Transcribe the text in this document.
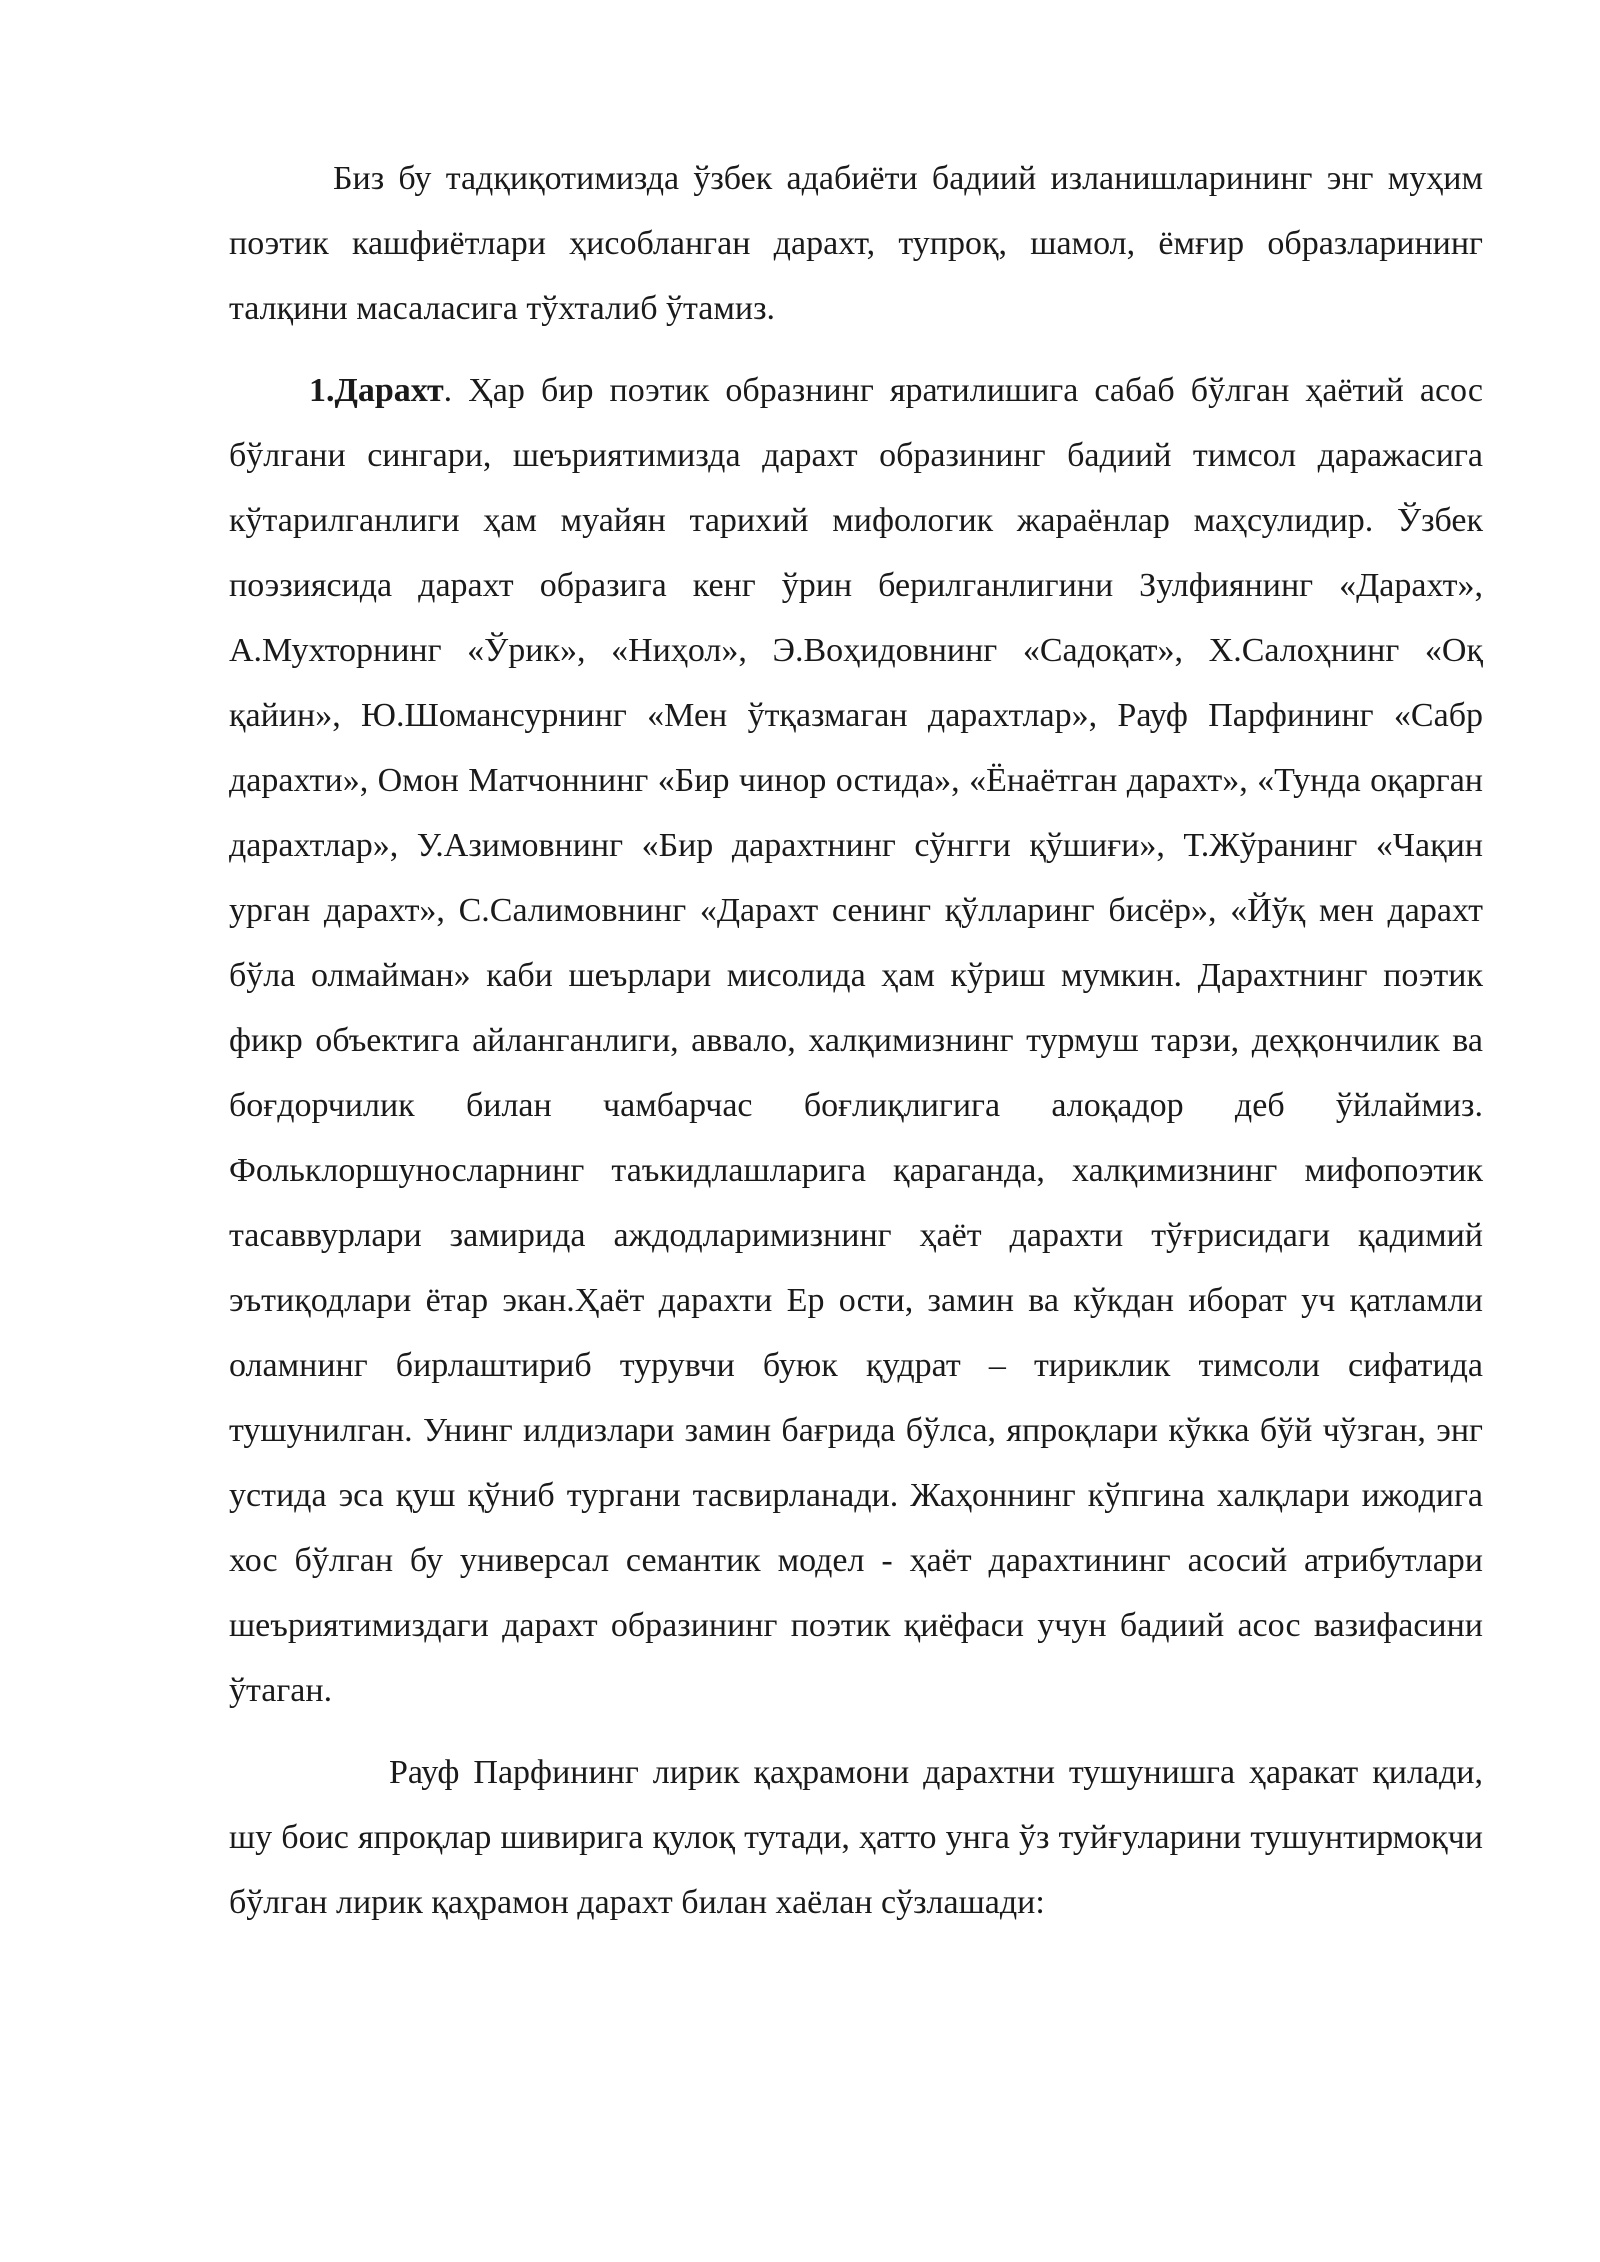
Биз бу тадқиқотимизда ўзбек адабиёти бадиий изланишларининг энг муҳим поэтик кашфиётлари ҳисобланган дарахт, тупроқ, шамол, ёмғир образларининг талқини масаласига тўхталиб ўтамиз.

1.Дарахт. Ҳар бир поэтик образнинг яратилишига сабаб бўлган ҳаётий асос бўлгани сингари, шеъриятимизда дарахт образининг бадиий тимсол даражасига кўтарилганлиги ҳам муайян тарихий мифологик жараёнлар маҳсулидир. Ўзбек поэзиясида дарахт образига кенг ўрин берилганлигини Зулфиянинг «Дарахт», А.Мухторнинг «Ўрик», «Ниҳол», Э.Воҳидовнинг «Садоқат», Х.Салоҳнинг «Оқ қайин», Ю.Шомансурнинг «Мен ўтқазмаган дарахтлар», Рауф Парфининг «Сабр дарахти», Омон Матчоннинг «Бир чинор остида», «Ёнаётган дарахт», «Тунда оқарган дарахтлар», У.Азимовнинг «Бир дарахтнинг сўнгги қўшиғи», Т.Жўранинг «Чақин урган дарахт», С.Салимовнинг «Дарахт сенинг қўлларинг бисёр», «Йўқ мен дарахт бўла олмайман» каби шеърлари мисолида ҳам кўриш мумкин. Дарахтнинг поэтик фикр объектига айланганлиги, аввало, халқимизнинг турмуш тарзи, деҳқончилик ва боғдорчилик билан чамбарчас боғлиқлигига алоқадор деб ўйлаймиз. Фольклоршуносларнинг таъкидлашларига қараганда, халқимизнинг мифопоэтик тасаввурлари замирида аждодларимизнинг ҳаёт дарахти тўғрисидаги қадимий эътиқодлари ётар экан.Ҳаёт дарахти Ер ости, замин ва кўкдан иборат уч қатламли оламнинг бирлаштириб турувчи буюк қудрат – тириклик тимсоли сифатида тушунилган. Унинг илдизлари замин бағрида бўлса, япроқлари кўкка бўй чўзган, энг устида эса қуш қўниб тургани тасвирланади. Жаҳоннинг кўпгина халқлари ижодига хос бўлган бу универсал семантик модел - ҳаёт дарахтининг асосий атрибутлари шеъриятимиздаги дарахт образининг поэтик қиёфаси учун бадиий асос вазифасини ўтаган.

Рауф Парфининг лирик қаҳрамони дарахтни тушунишга ҳаракат қилади, шу боис япроқлар шивирига қулоқ тутади, ҳатто унга ўз туйғуларини тушунтирмоқчи бўлган лирик қаҳрамон дарахт билан хаёлан сўзлашади:
